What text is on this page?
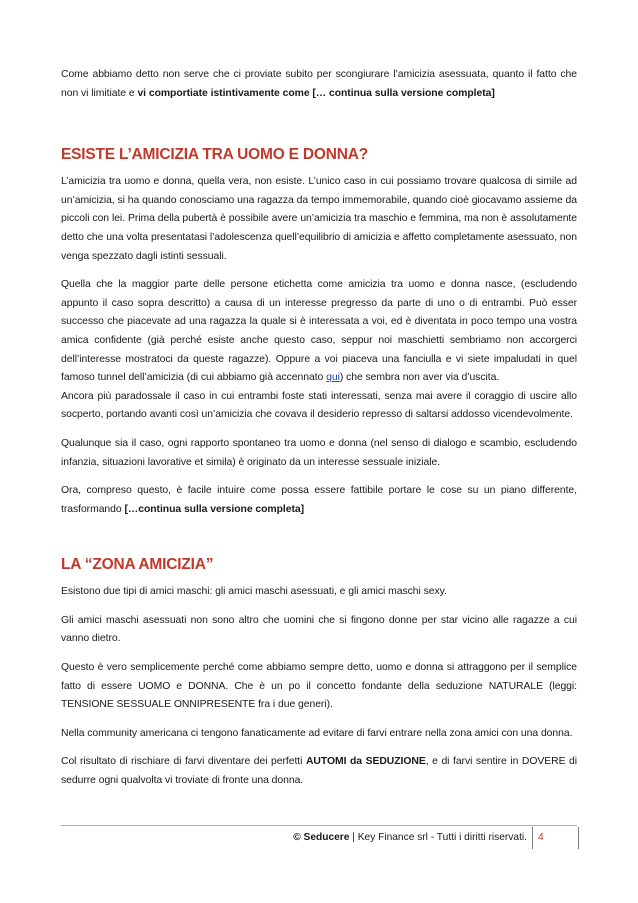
Come abbiamo detto non serve che ci proviate subito per scongiurare l’amicizia asessuata, quanto il fatto che non vi limitiate e vi comportiate istintivamente come [… continua sulla versione completa]

ESISTE L’AMICIZIA TRA UOMO E DONNA?

L’amicizia tra uomo e donna, quella vera, non esiste. L’unico caso in cui possiamo trovare qualcosa di simile ad un’amicizia, si ha quando conosciamo una ragazza da tempo immemorabile, quando cioè giocavamo assieme da piccoli con lei. Prima della pubertà è possibile avere un’amicizia tra maschio e femmina, ma non è assolutamente detto che una volta presentatasi l’adolescenza quell’equilibrio di amicizia e affetto completamente asessuato, non venga spezzato dagli istinti sessuali.

Quella che la maggior parte delle persone etichetta come amicizia tra uomo e donna nasce, (escludendo appunto il caso sopra descritto) a causa di un interesse pregresso da parte di uno o di entrambi. Può esser successo che piacevate ad una ragazza la quale si è interessata a voi, ed è diventata in poco tempo una vostra amica confidente (già perché esiste anche questo caso, seppur noi maschietti sembriamo non accorgerci dell’interesse mostratoci da queste ragazze). Oppure a voi piaceva una fanciulla e vi siete impaludati in quel famoso tunnel dell’amicizia (di cui abbiamo già accennato qui) che sembra non aver via d’uscita.

Ancora più paradossale il caso in cui entrambi foste stati interessati, senza mai avere il coraggio di uscire allo socperto, portando avanti così un’amicizia che covava il desiderio represso di saltarsi addosso vicendevolmente.

Qualunque sia il caso, ogni rapporto spontaneo tra uomo e donna (nel senso di dialogo e scambio, escludendo infanzia, situazioni lavorative et simila) è originato da un interesse sessuale iniziale.

Ora, compreso questo, è facile intuire come possa essere fattibile portare le cose su un piano differente, trasformando […continua sulla versione completa]

LA “ZONA AMICIZIA”

Esistono due tipi di amici maschi: gli amici maschi asessuati, e gli amici maschi sexy.

Gli amici maschi asessuati non sono altro che uomini che si fingono donne per star vicino alle ragazze a cui vanno dietro.

Questo è vero semplicemente perché come abbiamo sempre detto, uomo e donna si attraggono per il semplice fatto di essere UOMO e DONNA. Che è un po il concetto fondante della seduzione NATURALE (leggi: TENSIONE SESSUALE ONNIPRESENTE fra i due generi).

Nella community americana ci tengono fanaticamente ad evitare di farvi entrare nella zona amici con una donna.

Col risultato di rischiare di farvi diventare dei perfetti AUTOMI da SEDUZIONE, e di farvi sentire in DOVERE di sedurre ogni qualvolta vi troviate di fronte una donna.

© Seducere | Key Finance srl - Tutti i diritti riservati. 4
